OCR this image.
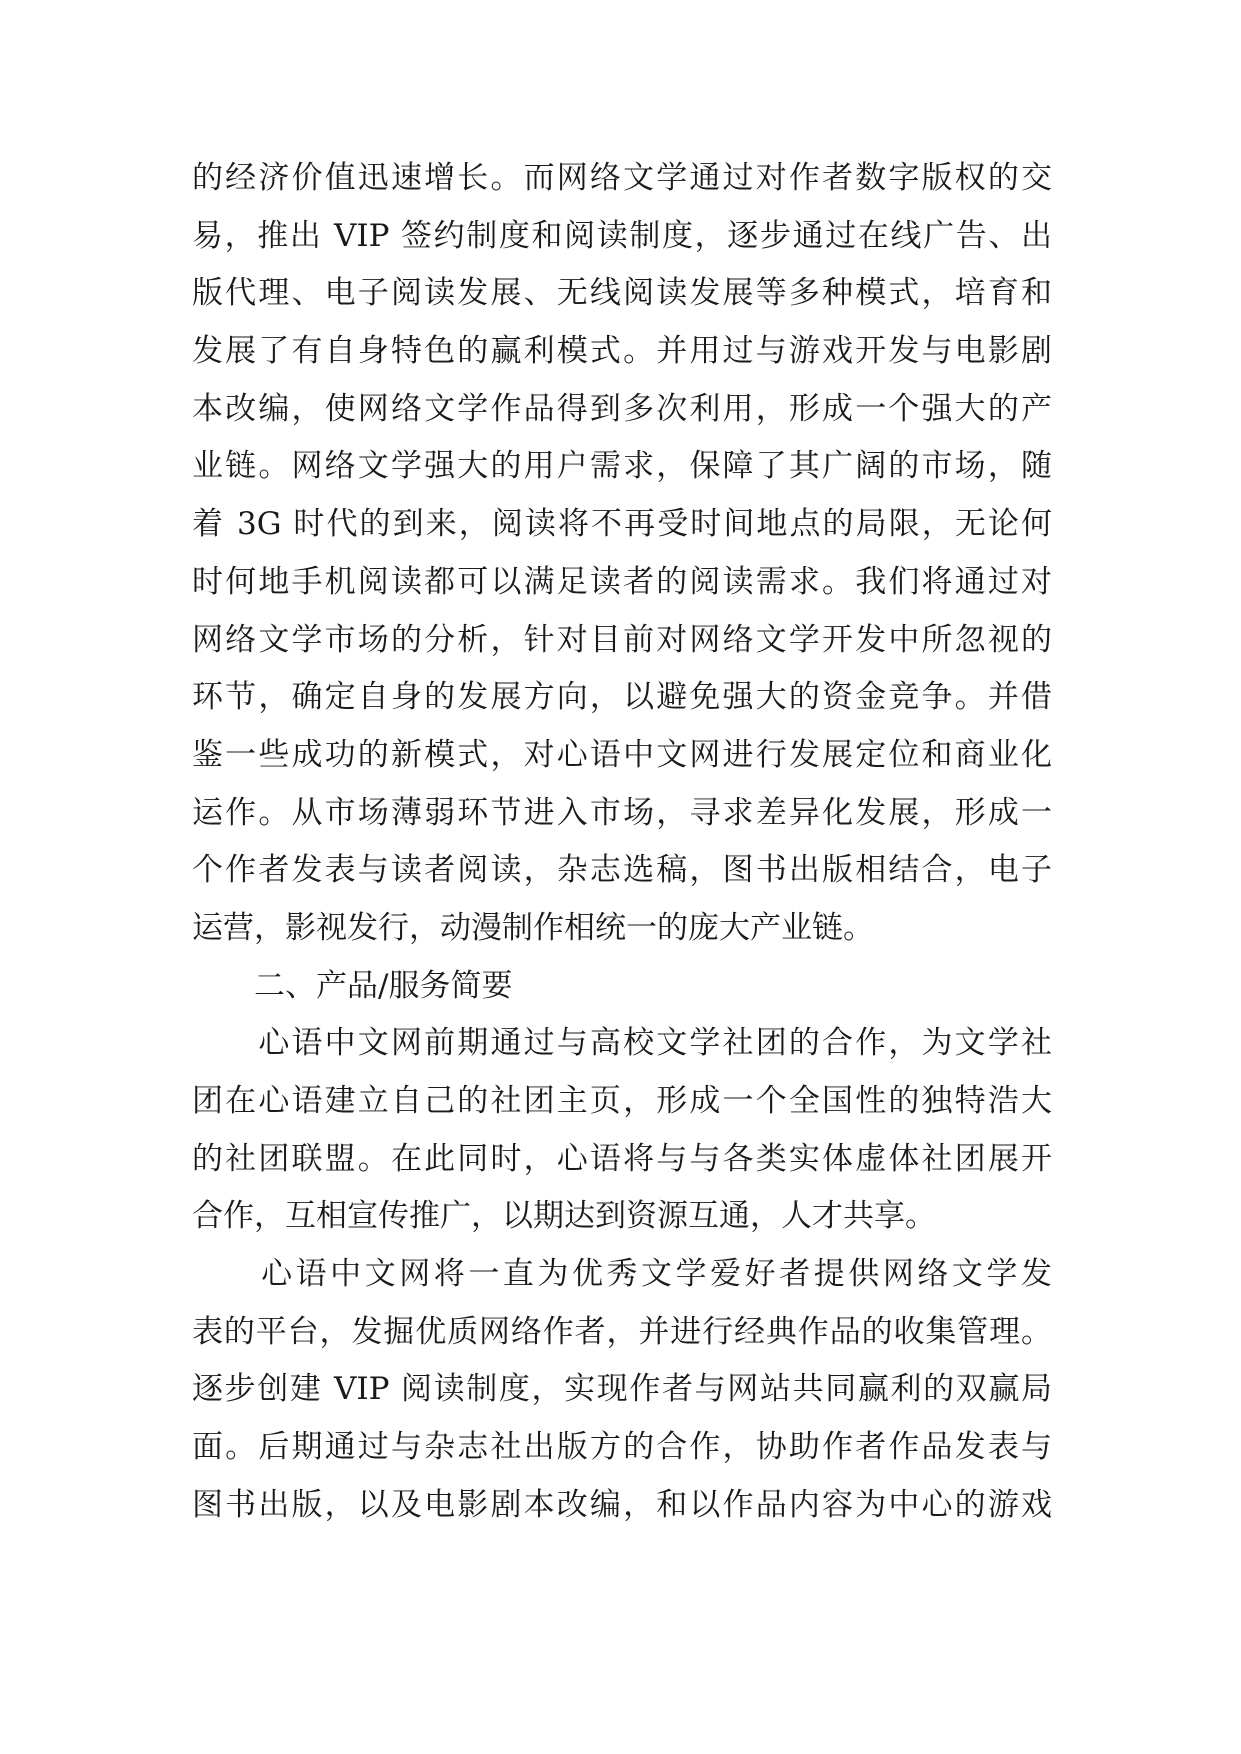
的经济价值迅速增长。而网络文学通过对作者数字版权的交
易，推出 VIP 签约制度和阅读制度，逐步通过在线广告、出
版代理、电子阅读发展、无线阅读发展等多种模式，培育和
发展了有自身特色的赢利模式。并用过与游戏开发与电影剧
本改编，使网络文学作品得到多次利用，形成一个强大的产
业链。网络文学强大的用户需求，保障了其广阔的市场，随
着 3G 时代的到来，阅读将不再受时间地点的局限，无论何
时何地手机阅读都可以满足读者的阅读需求。我们将通过对
网络文学市场的分析，针对目前对网络文学开发中所忽视的
环节，确定自身的发展方向，以避免强大的资金竞争。并借
鉴一些成功的新模式，对心语中文网进行发展定位和商业化
运作。从市场薄弱环节进入市场，寻求差异化发展，形成一
个作者发表与读者阅读，杂志选稿，图书出版相结合，电子
运营，影视发行，动漫制作相统一的庞大产业链。
　　二、产品/服务简要
　　心语中文网前期通过与高校文学社团的合作，为文学社
团在心语建立自己的社团主页，形成一个全国性的独特浩大
的社团联盟。在此同时，心语将与与各类实体虚体社团展开
合作，互相宣传推广，以期达到资源互通，人才共享。
　　心语中文网将一直为优秀文学爱好者提供网络文学发
表的平台，发掘优质网络作者，并进行经典作品的收集管理。
逐步创建 VIP 阅读制度，实现作者与网站共同赢利的双赢局
面。后期通过与杂志社出版方的合作，协助作者作品发表与
图书出版，以及电影剧本改编，和以作品内容为中心的游戏
